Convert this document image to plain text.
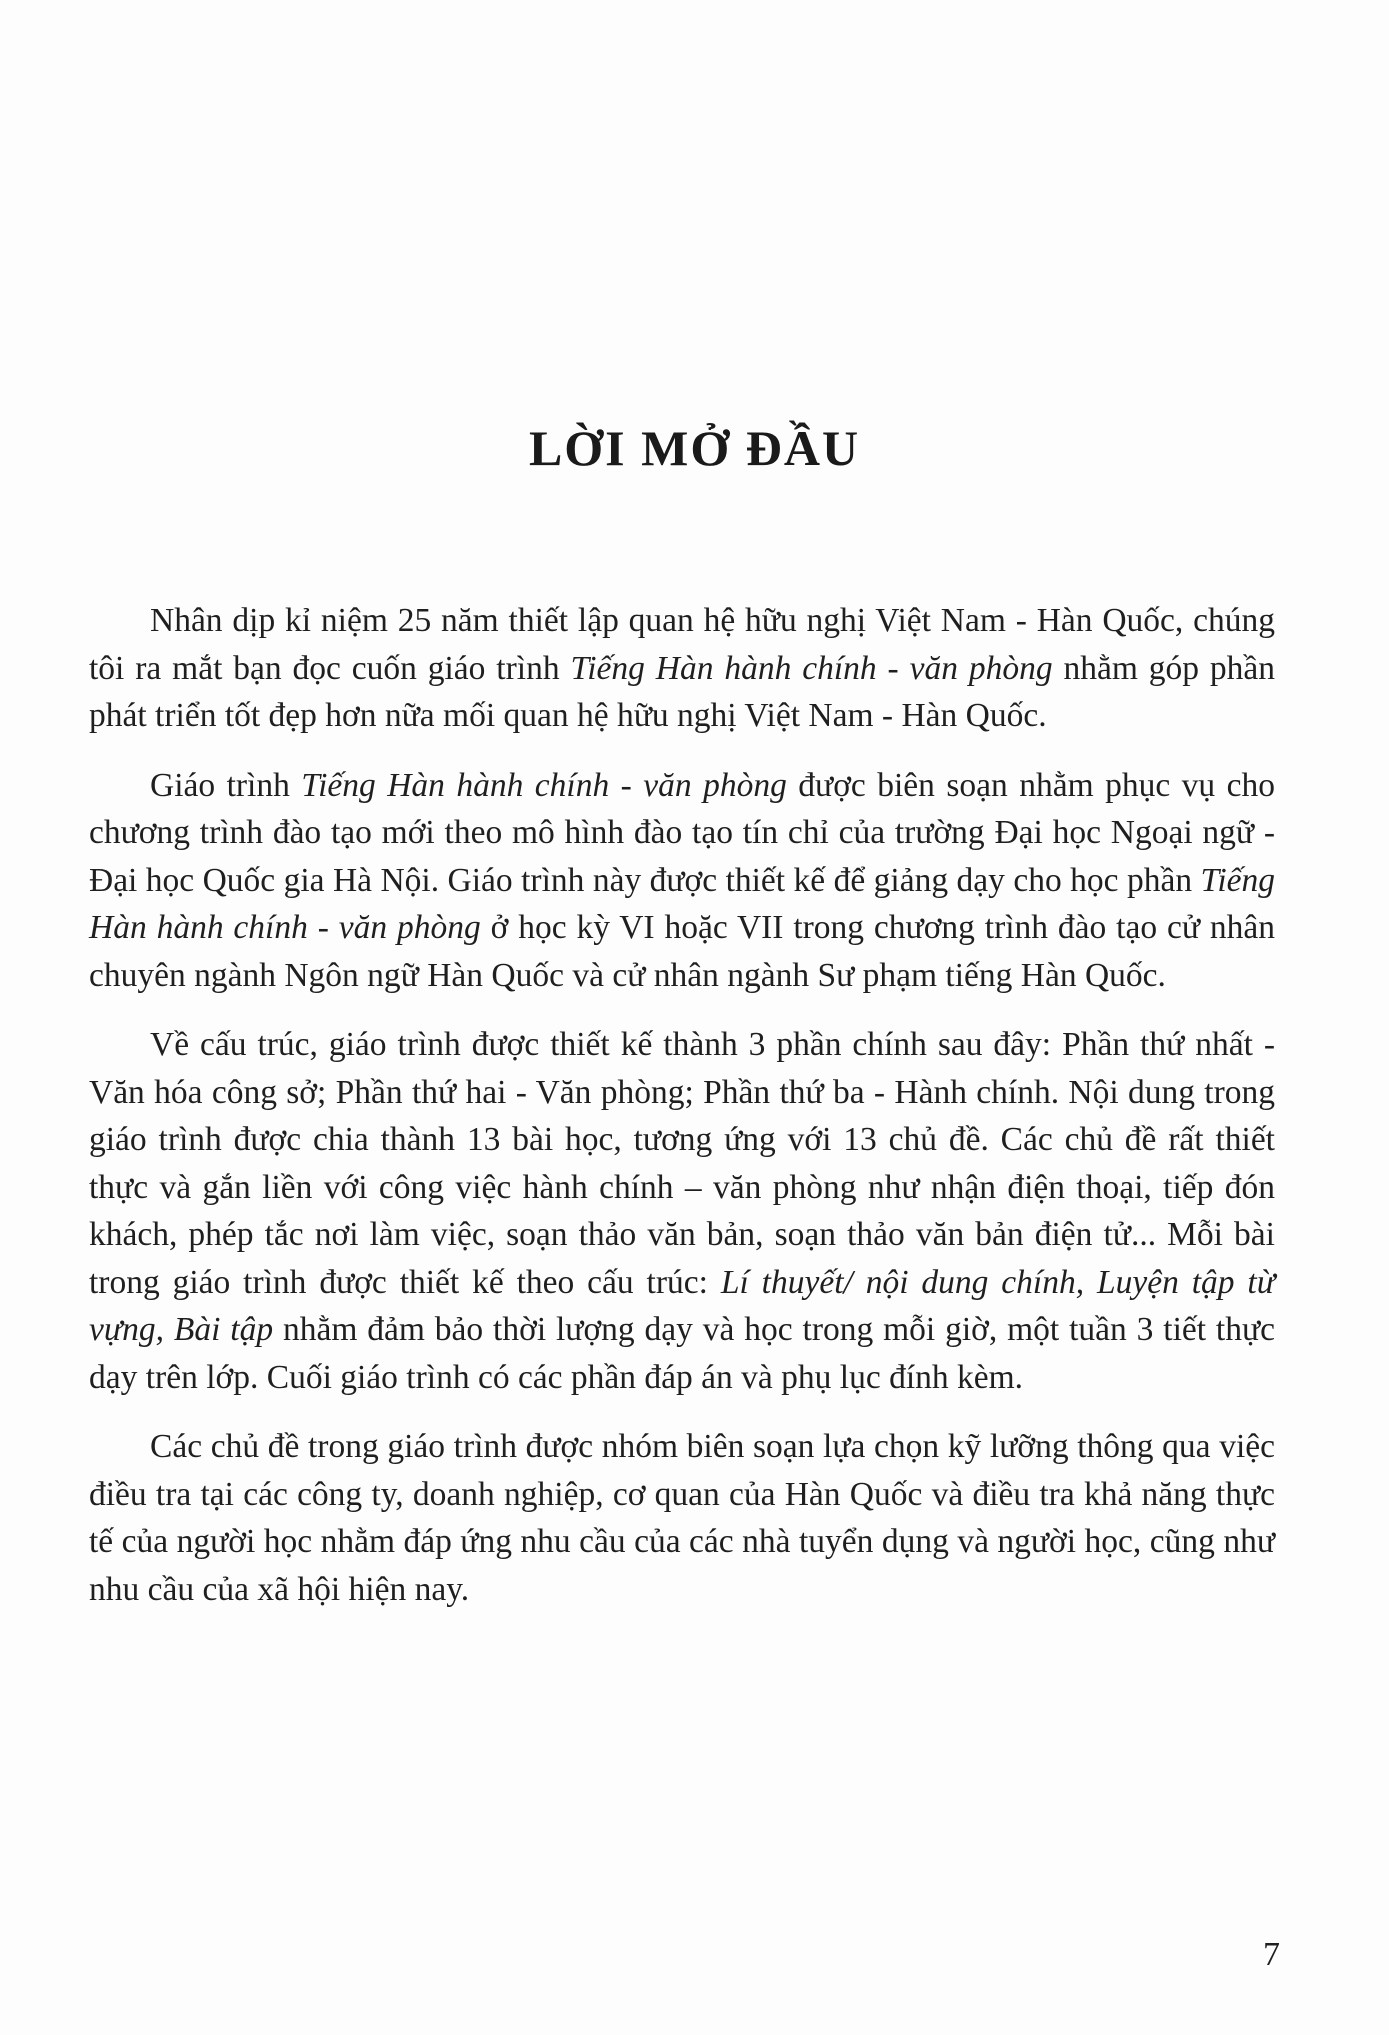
LỜI MỞ ĐẦU

Nhân dịp kỉ niệm 25 năm thiết lập quan hệ hữu nghị Việt Nam - Hàn Quốc, chúng tôi ra mắt bạn đọc cuốn giáo trình Tiếng Hàn hành chính - văn phòng nhằm góp phần phát triển tốt đẹp hơn nữa mối quan hệ hữu nghị Việt Nam - Hàn Quốc.

Giáo trình Tiếng Hàn hành chính - văn phòng được biên soạn nhằm phục vụ cho chương trình đào tạo mới theo mô hình đào tạo tín chỉ của trường Đại học Ngoại ngữ - Đại học Quốc gia Hà Nội. Giáo trình này được thiết kế để giảng dạy cho học phần Tiếng Hàn hành chính - văn phòng ở học kỳ VI hoặc VII trong chương trình đào tạo cử nhân chuyên ngành Ngôn ngữ Hàn Quốc và cử nhân ngành Sư phạm tiếng Hàn Quốc.

Về cấu trúc, giáo trình được thiết kế thành 3 phần chính sau đây: Phần thứ nhất - Văn hóa công sở; Phần thứ hai - Văn phòng; Phần thứ ba - Hành chính. Nội dung trong giáo trình được chia thành 13 bài học, tương ứng với 13 chủ đề. Các chủ đề rất thiết thực và gắn liền với công việc hành chính – văn phòng như nhận điện thoại, tiếp đón khách, phép tắc nơi làm việc, soạn thảo văn bản, soạn thảo văn bản điện tử... Mỗi bài trong giáo trình được thiết kế theo cấu trúc: Lí thuyết/ nội dung chính, Luyện tập từ vựng, Bài tập nhằm đảm bảo thời lượng dạy và học trong mỗi giờ, một tuần 3 tiết thực dạy trên lớp. Cuối giáo trình có các phần đáp án và phụ lục đính kèm.

Các chủ đề trong giáo trình được nhóm biên soạn lựa chọn kỹ lưỡng thông qua việc điều tra tại các công ty, doanh nghiệp, cơ quan của Hàn Quốc và điều tra khả năng thực tế của người học nhằm đáp ứng nhu cầu của các nhà tuyển dụng và người học, cũng như nhu cầu của xã hội hiện nay.

7
